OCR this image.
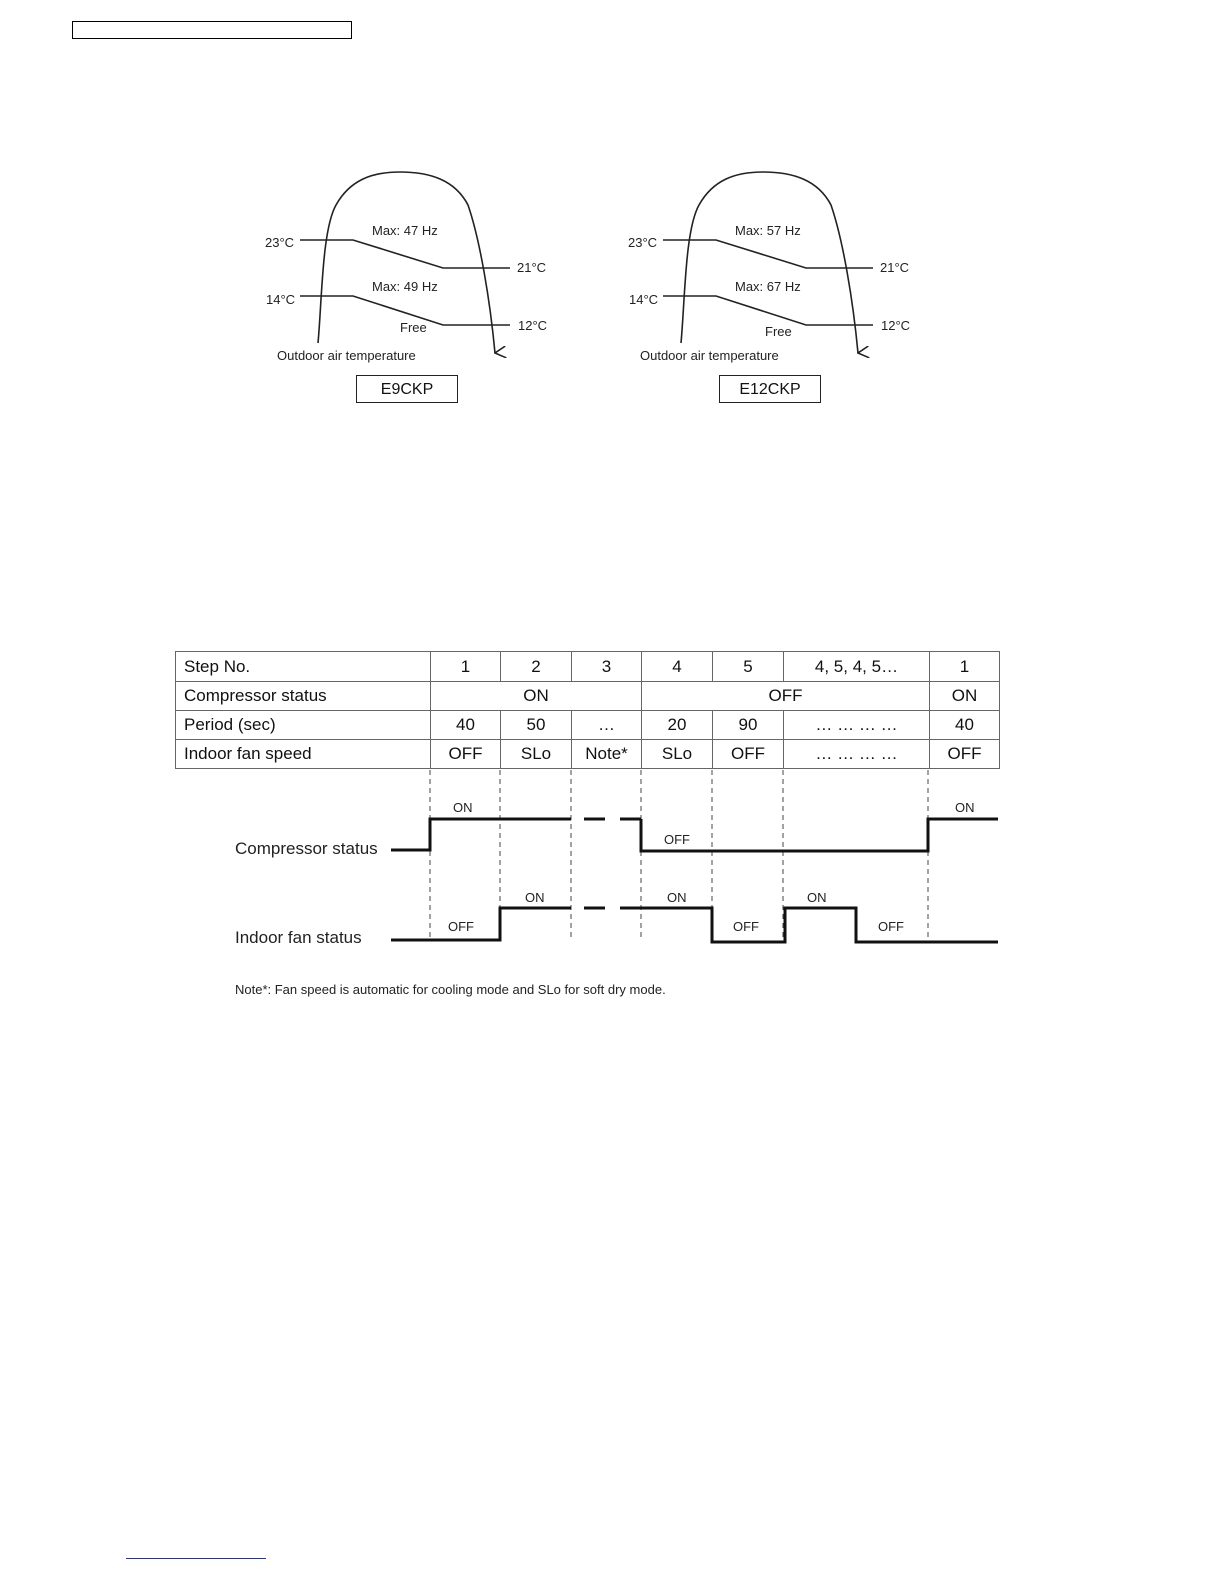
23°C
21°C
14°C
12°C
Max: 47 Hz
Max: 49 Hz
Free
Outdoor air temperature
23°C
21°C
14°C
12°C
Max: 57 Hz
Max: 67 Hz
Free
Outdoor air temperature
Compressor status
Indoor fan status
ON
OFF
ON
OFF
ON	ON
OFF
ON
OFF
E9CKP	E12CKP
Step No.	1	2	3	4	5	4, 5, 4, 5…	1
Compressor status	ON			OFF			ON
Period (sec)	40	50	…	20	90	… … … …	40
Indoor fan speed	OFF	SLo	Note*	SLo	OFF	… … … …	OFF
Note*: Fan speed is automatic for cooling mode and SLo for soft dry mode.
